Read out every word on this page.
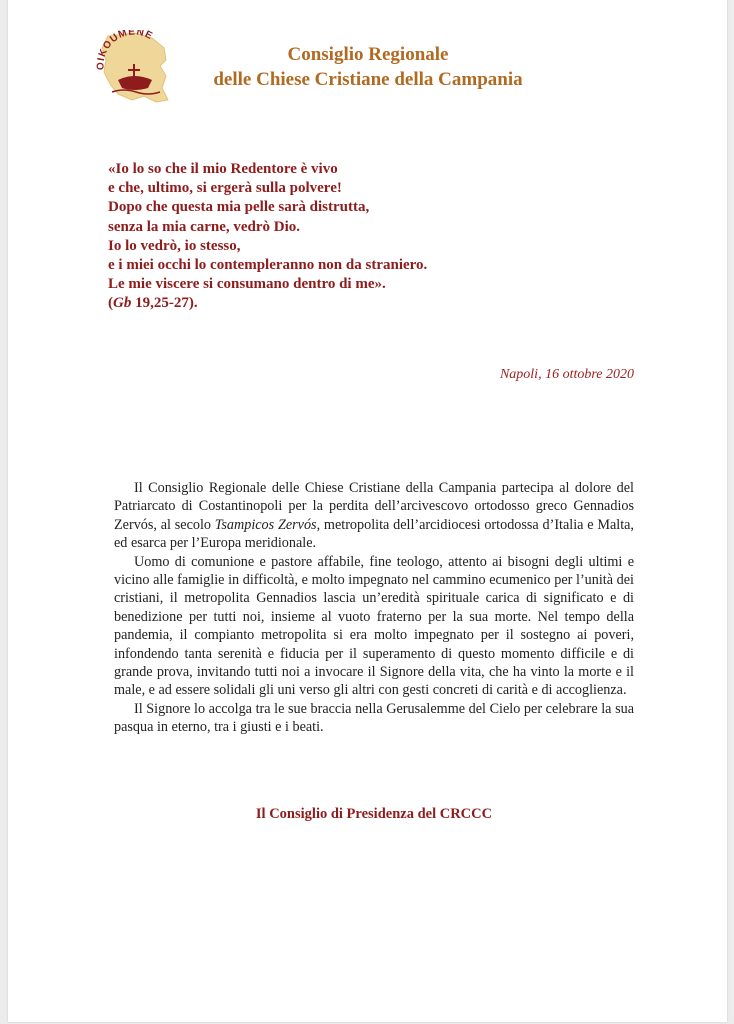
OIKOUMENE
Consiglio Regionale
delle Chiese Cristiane della Campania
«Io lo so che il mio Redentore è vivo
e che, ultimo, si ergerà sulla polvere!
Dopo che questa mia pelle sarà distrutta,
senza la mia carne, vedrò Dio.
Io lo vedrò, io stesso,
e i miei occhi lo contempleranno non da straniero.
Le mie viscere si consumano dentro di me».
(Gb 19,25-27).
Napoli, 16 ottobre 2020

Il Consiglio Regionale delle Chiese Cristiane della Campania partecipa al dolore del Patriarcato di Costantinopoli per la perdita dell’arcivescovo ortodosso greco Gennadios Zervós, al secolo Tsampicos Zervós, metropolita dell’arcidiocesi ortodossa d’Italia e Malta, ed esarca per l’Europa meridionale.

Uomo di comunione e pastore affabile, fine teologo, attento ai bisogni degli ultimi e vicino alle famiglie in difficoltà, e molto impegnato nel cammino ecumenico per l’unità dei cristiani, il metropolita Gennadios lascia un’eredità spirituale carica di significato e di benedizione per tutti noi, insieme al vuoto fraterno per la sua morte. Nel tempo della pandemia, il compianto metropolita si era molto impegnato per il sostegno ai poveri, infondendo tanta serenità e fiducia per il superamento di questo momento difficile e di grande prova, invitando tutti noi a invocare il Signore della vita, che ha vinto la morte e il male, e ad essere solidali gli uni verso gli altri con gesti concreti di carità e di accoglienza.

Il Signore lo accolga tra le sue braccia nella Gerusalemme del Cielo per celebrare la sua pasqua in eterno, tra i giusti e i beati.

Il Consiglio di Presidenza del CRCCC
